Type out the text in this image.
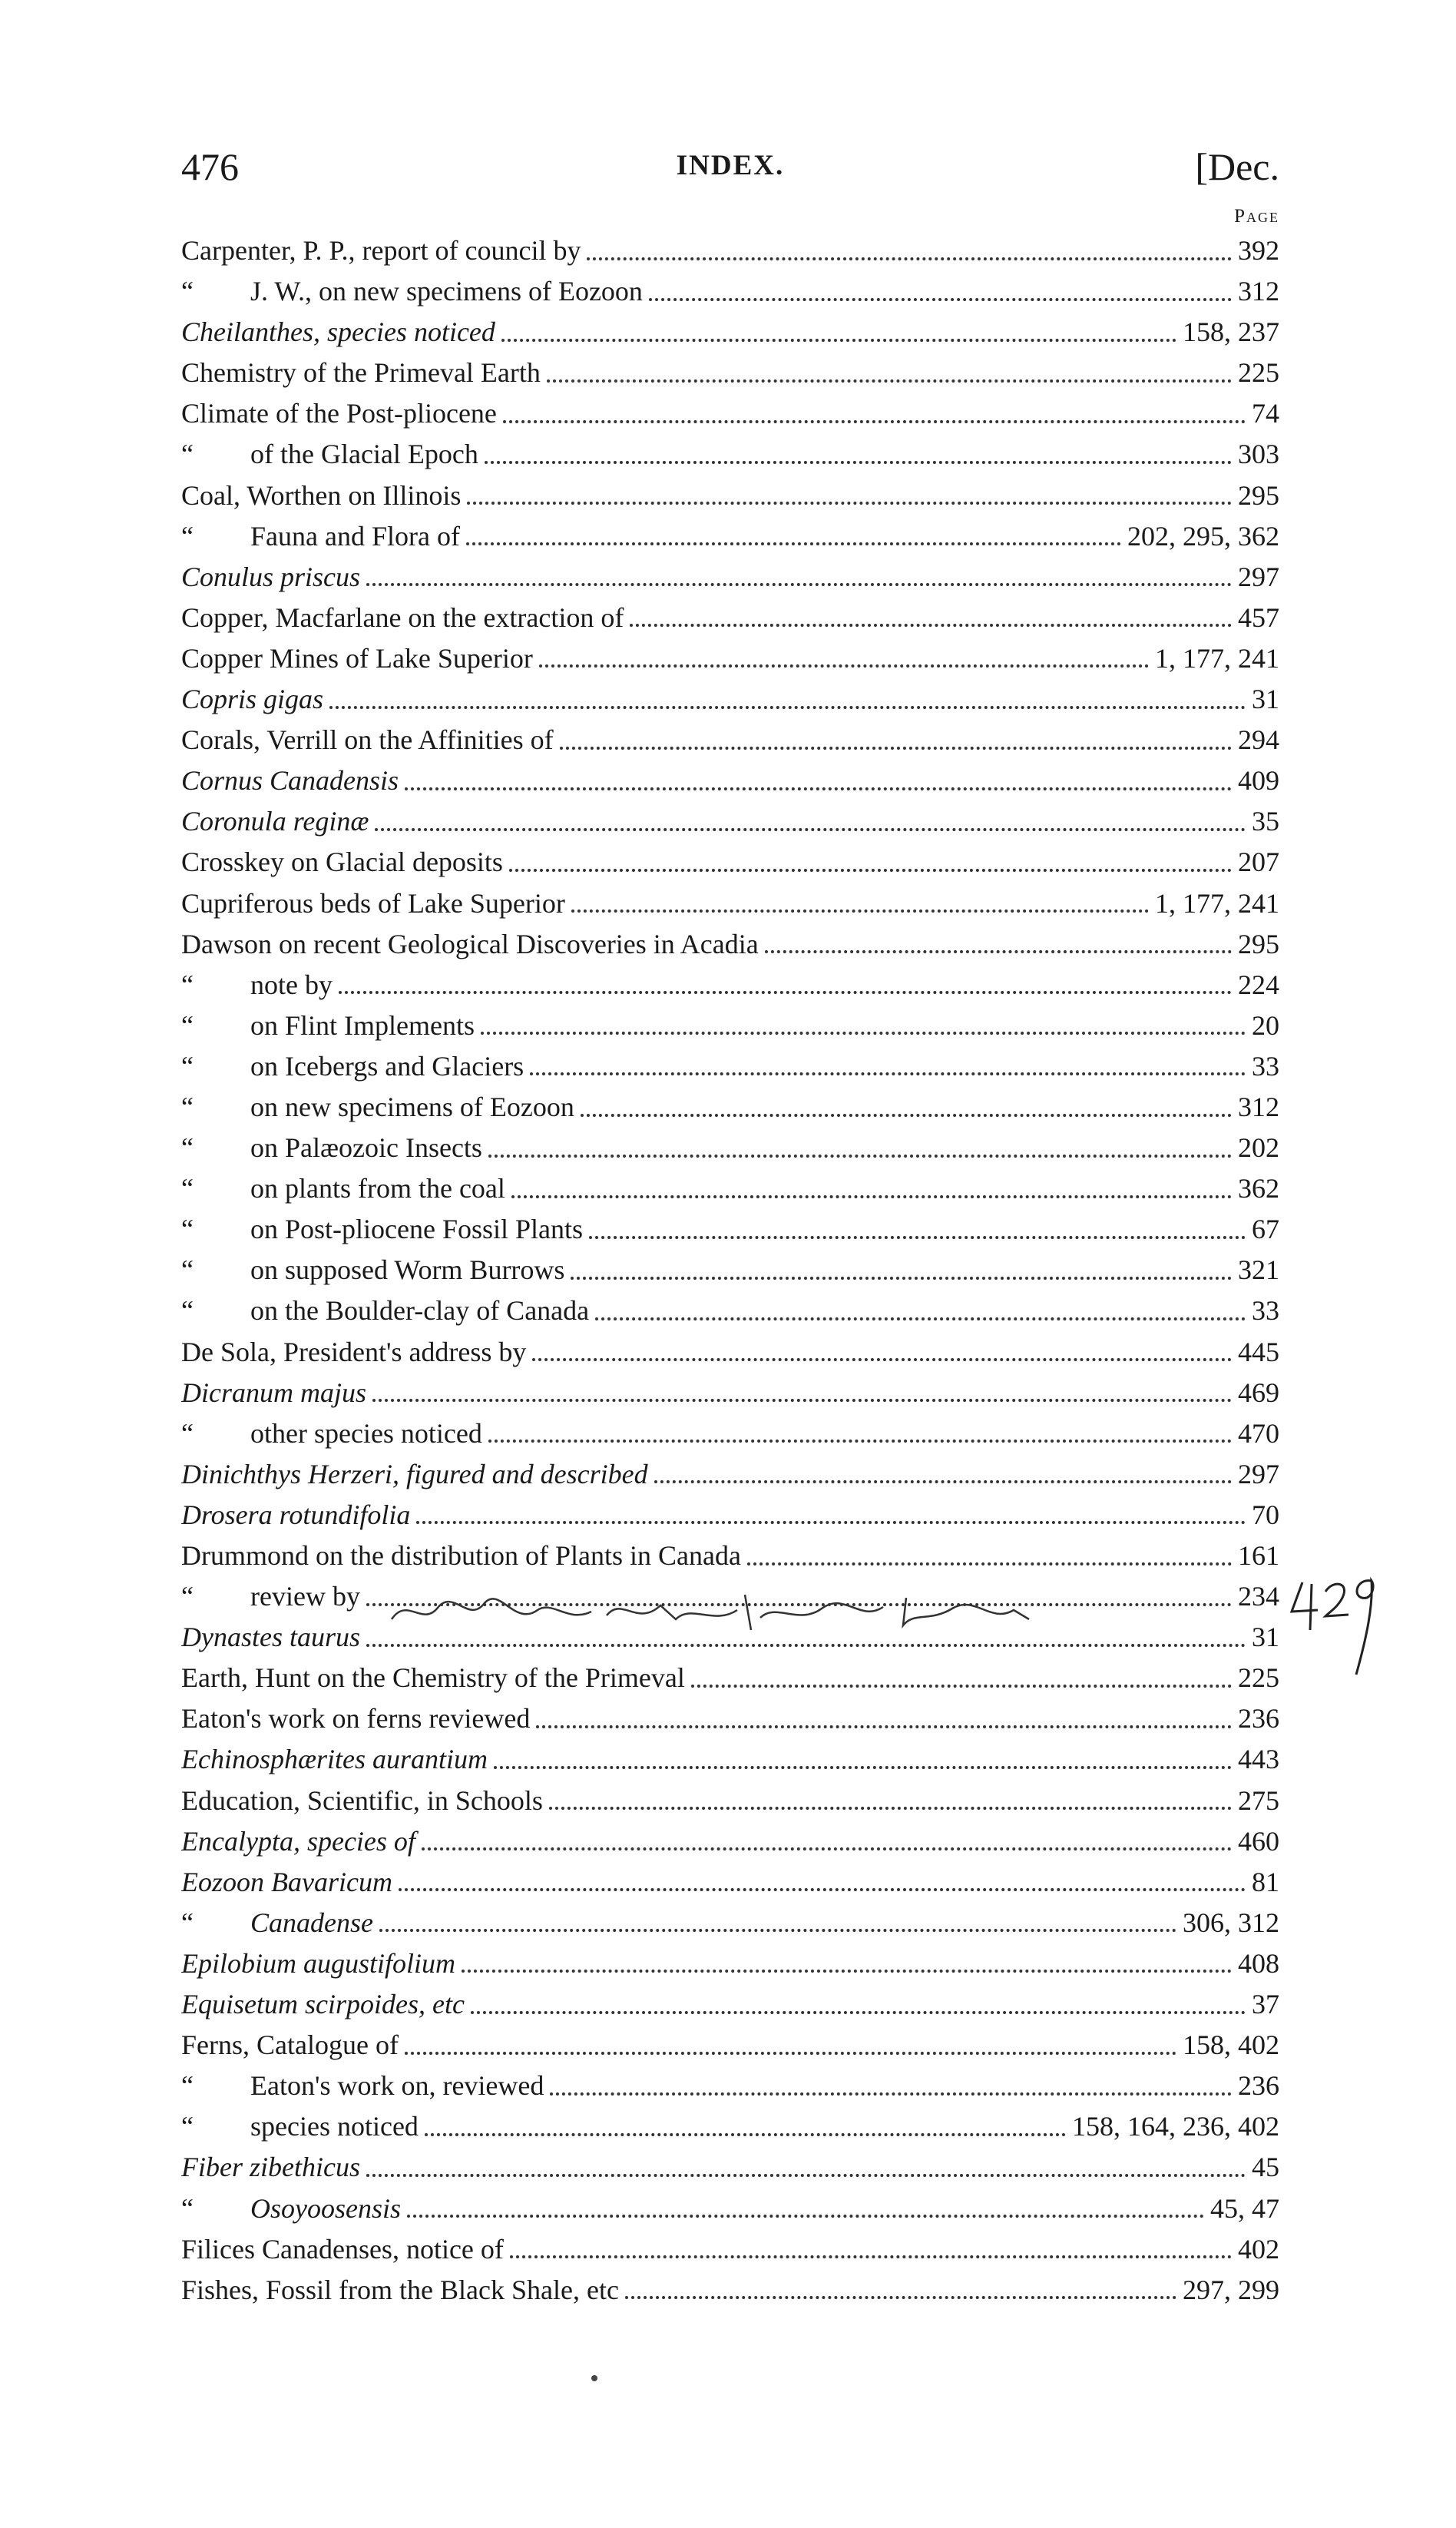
476	INDEX.	[Dec.
Page
Carpenter, P. P., report of council by	392
“	J. W., on new specimens of Eozoon	312
Cheilanthes, species noticed	158, 237
Chemistry of the Primeval Earth	225
Climate of the Post-pliocene	74
“	of the Glacial Epoch	303
Coal, Worthen on Illinois	295
“	Fauna and Flora of	202, 295, 362
Conulus priscus	297
Copper, Macfarlane on the extraction of	457
Copper Mines of Lake Superior	1, 177, 241
Copris gigas	31
Corals, Verrill on the Affinities of	294
Cornus Canadensis	409
Coronula reginæ	35
Crosskey on Glacial deposits	207
Cupriferous beds of Lake Superior	1, 177, 241
Dawson on recent Geological Discoveries in Acadia	295
“	note by	224
“	on Flint Implements	20
“	on Icebergs and Glaciers	33
“	on new specimens of Eozoon	312
“	on Palæozoic Insects	202
“	on plants from the coal	362
“	on Post-pliocene Fossil Plants	67
“	on supposed Worm Burrows	321
“	on the Boulder-clay of Canada	33
De Sola, President's address by	445
Dicranum majus	469
“	other species noticed	470
Dinichthys Herzeri, figured and described	297
Drosera rotundifolia	70
Drummond on the distribution of Plants in Canada	161
“	review by	234
Dynastes taurus	31
Earth, Hunt on the Chemistry of the Primeval	225
Eaton's work on ferns reviewed	236
Echinosphærites aurantium	443
Education, Scientific, in Schools	275
Encalypta, species of	460
Eozoon Bavaricum	81
“	Canadense	306, 312
Epilobium augustifolium	408
Equisetum scirpoides, etc	37
Ferns, Catalogue of	158, 402
“	Eaton's work on, reviewed	236
“	species noticed	158, 164, 236, 402
Fiber zibethicus	45
“	Osoyoosensis	45, 47
Filices Canadenses, notice of	402
Fishes, Fossil from the Black Shale, etc	297, 299
